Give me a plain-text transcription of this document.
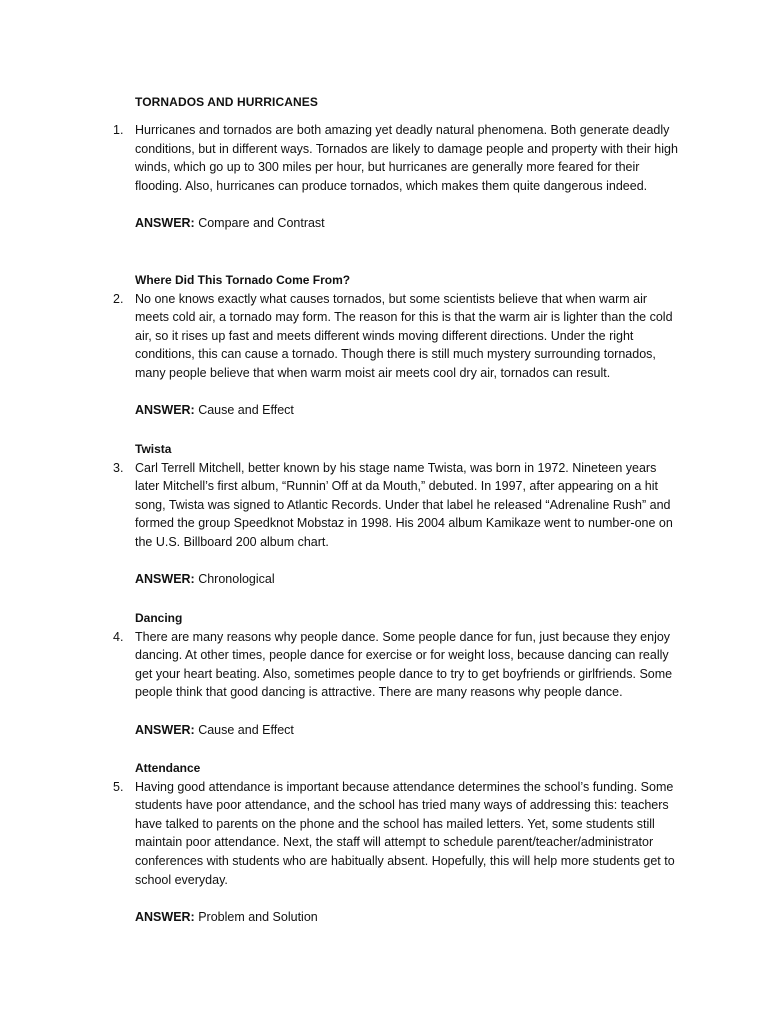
TORNADOS AND HURRICANES
1. Hurricanes and tornados are both amazing yet deadly natural phenomena. Both generate deadly conditions, but in different ways. Tornados are likely to damage people and property with their high winds, which go up to 300 miles per hour, but hurricanes are generally more feared for their flooding. Also, hurricanes can produce tornados, which makes them quite dangerous indeed.

ANSWER: Compare and Contrast
Where Did This Tornado Come From?
2. No one knows exactly what causes tornados, but some scientists believe that when warm air meets cold air, a tornado may form. The reason for this is that the warm air is lighter than the cold air, so it rises up fast and meets different winds moving different directions. Under the right conditions, this can cause a tornado. Though there is still much mystery surrounding tornados, many people believe that when warm moist air meets cool dry air, tornados can result.

ANSWER: Cause and Effect
Twista
3. Carl Terrell Mitchell, better known by his stage name Twista, was born in 1972. Nineteen years later Mitchell’s first album, “Runnin’ Off at da Mouth,” debuted. In 1997, after appearing on a hit song, Twista was signed to Atlantic Records. Under that label he released “Adrenaline Rush” and formed the group Speedknot Mobstaz in 1998. His 2004 album Kamikaze went to number-one on the U.S. Billboard 200 album chart.

ANSWER: Chronological
Dancing
4. There are many reasons why people dance. Some people dance for fun, just because they enjoy dancing. At other times, people dance for exercise or for weight loss, because dancing can really get your heart beating. Also, sometimes people dance to try to get boyfriends or girlfriends. Some people think that good dancing is attractive. There are many reasons why people dance.

ANSWER: Cause and Effect
Attendance
5. Having good attendance is important because attendance determines the school’s funding. Some students have poor attendance, and the school has tried many ways of addressing this: teachers have talked to parents on the phone and the school has mailed letters. Yet, some students still maintain poor attendance. Next, the staff will attempt to schedule parent/teacher/administrator conferences with students who are habitually absent. Hopefully, this will help more students get to school everyday.

ANSWER: Problem and Solution
